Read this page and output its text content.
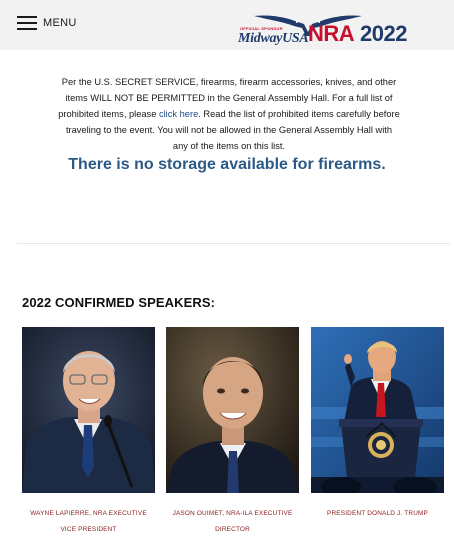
MENU	OFFICIAL SPONSOR
MidwayUSA NRA 2022

Per the U.S. SECRET SERVICE, firearms, firearm accessories, knives, and other items WILL NOT BE PERMITTED in the General Assembly Hall. For a full list of prohibited items, please click here. Read the list of prohibited items carefully before traveling to the event. You will not be allowed in the General Assembly Hall with any of the items on this list.

There is no storage available for firearms.
2022 CONFIRMED SPEAKERS:
WAYNE LAPIERRE, NRA EXECUTIVE VICE PRESIDENT
JASON OUIMET, NRA-ILA EXECUTIVE DIRECTOR
PRESIDENT DONALD J. TRUMP
